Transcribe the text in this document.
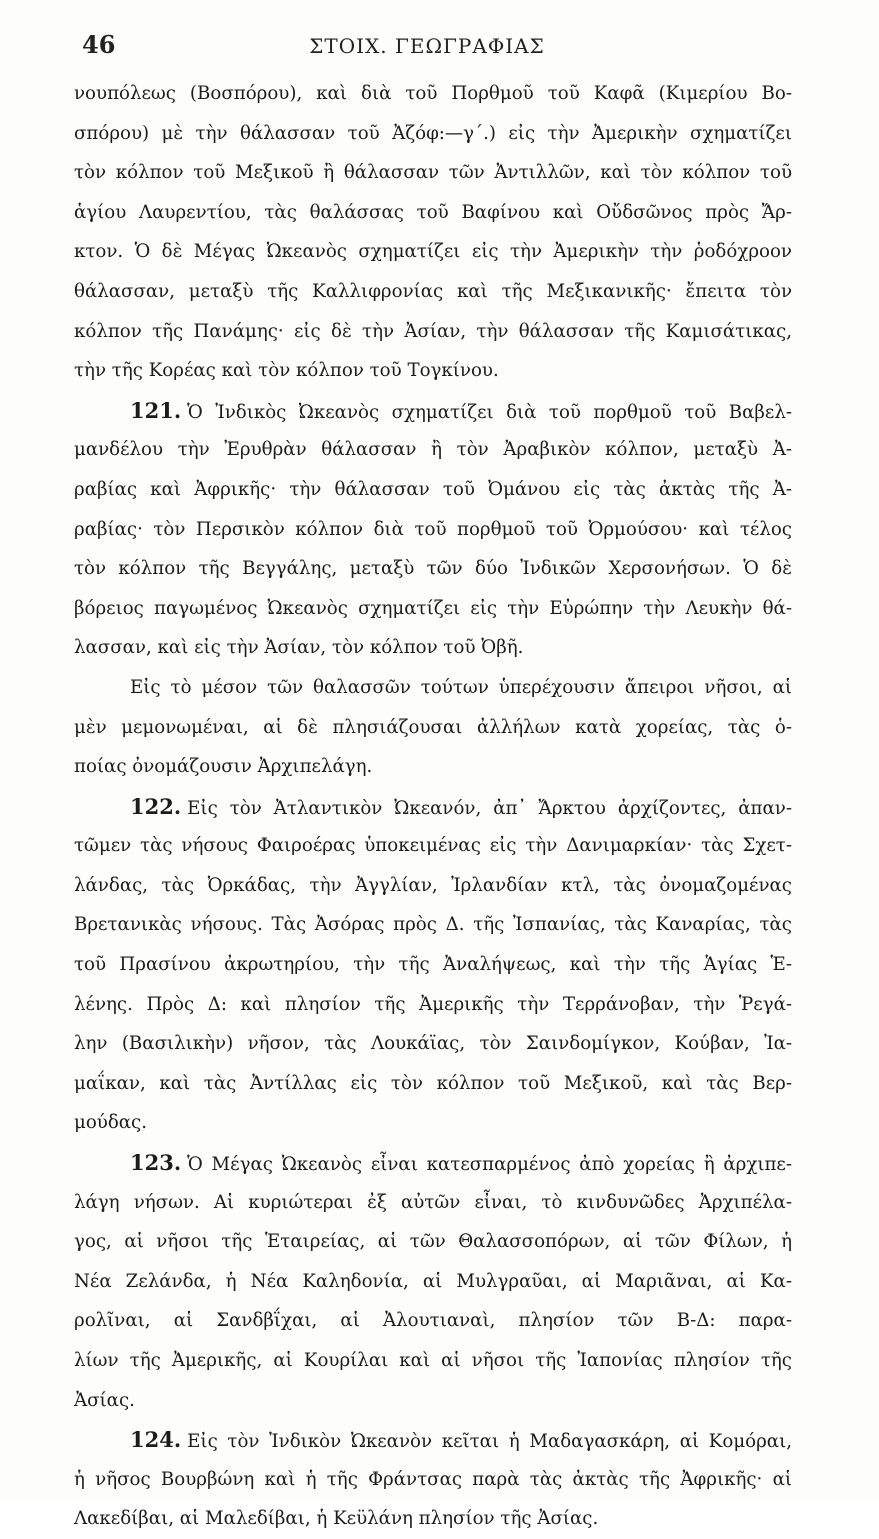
46	ΣΤΟΙΧ. ΓΕΩΓΡΑΦΙΑΣ
νουπόλεως (Βοσπόρου), καὶ διὰ τοῦ Πορθμοῦ τοῦ Καφᾶ (Κιμερίου Βο-
σπόρου) μὲ τὴν θάλασσαν τοῦ Ἀζόφ:—γ΄.) εἰς τὴν Ἀμερικὴν σχηματίζει
τὸν κόλπον τοῦ Μεξικοῦ ἢ θάλασσαν τῶν Ἀντιλλῶν, καὶ τὸν κόλπον τοῦ
ἁγίου Λαυρεντίου, τὰς θαλάσσας τοῦ Βαφίνου καὶ Οὔδσῶνος πρὸς Ἄρ-
κτον. Ὁ δὲ Μέγας Ὠκεανὸς σχηματίζει εἰς τὴν Ἀμερικὴν τὴν ῥοδόχροον
θάλασσαν, μεταξὺ τῆς Καλλιφρονίας καὶ τῆς Μεξικανικῆς· ἔπειτα τὸν
κόλπον τῆς Πανάμης· εἰς δὲ τὴν Ἀσίαν, τὴν θάλασσαν τῆς Καμισάτικας,
τὴν τῆς Κορέας καὶ τὸν κόλπον τοῦ Τογκίνου.
121. Ὁ Ἰνδικὸς Ὠκεανὸς σχηματίζει διὰ τοῦ πορθμοῦ τοῦ Βαβελ-
μανδέλου τὴν Ἐρυθρὰν θάλασσαν ἢ τὸν Ἀραβικὸν κόλπον, μεταξὺ Ἀ-
ραβίας καὶ Ἀφρικῆς· τὴν θάλασσαν τοῦ Ὀμάνου εἰς τὰς ἀκτὰς τῆς Ἀ-
ραβίας· τὸν Περσικὸν κόλπον διὰ τοῦ πορθμοῦ τοῦ Ὀρμούσου· καὶ τέλος
τὸν κόλπον τῆς Βεγγάλης, μεταξὺ τῶν δύο Ἰνδικῶν Χερσονήσων. Ὁ δὲ
βόρειος παγωμένος Ὠκεανὸς σχηματίζει εἰς τὴν Εὐρώπην τὴν Λευκὴν θά-
λασσαν, καὶ εἰς τὴν Ἀσίαν, τὸν κόλπον τοῦ Ὀβῆ.
Εἰς τὸ μέσον τῶν θαλασσῶν τούτων ὑπερέχουσιν ἄπειροι νῆσοι, αἱ
μὲν μεμονωμέναι, αἱ δὲ πλησιάζουσαι ἀλλήλων κατὰ χορείας, τὰς ὁ-
ποίας ὀνομάζουσιν Ἀρχιπελάγη.
122. Εἰς τὸν Ἀτλαντικὸν Ὠκεανόν, ἀπ᾽ Ἄρκτου ἀρχίζοντες, ἀπαν-
τῶμεν τὰς νήσους Φαιροέρας ὑποκειμένας εἰς τὴν Δανιμαρκίαν· τὰς Σχετ-
λάνδας, τὰς Ὀρκάδας, τὴν Ἀγγλίαν, Ἰρλανδίαν κτλ, τὰς ὀνομαζομένας
Βρετανικὰς νήσους. Τὰς Ἀσόρας πρὸς Δ. τῆς Ἰσπανίας, τὰς Καναρίας, τὰς
τοῦ Πρασίνου ἀκρωτηρίου, τὴν τῆς Ἀναλήψεως, καὶ τὴν τῆς Ἁγίας Ἑ-
λένης. Πρὸς Δ: καὶ πλησίον τῆς Ἀμερικῆς τὴν Τερράνοβαν, τὴν Ῥεγά-
λην (Βασιλικὴν) νῆσον, τὰς Λουκάϊας, τὸν Σαινδομίγκον, Κούβαν, Ἰα-
μαΐκαν, καὶ τὰς Ἀντίλλας εἰς τὸν κόλπον τοῦ Μεξικοῦ, καὶ τὰς Βερ-
μούδας.
123. Ὁ Μέγας Ὠκεανὸς εἶναι κατεσπαρμένος ἀπὸ χορείας ἢ ἀρχιπε-
λάγη νήσων. Αἱ κυριώτεραι ἐξ αὐτῶν εἶναι, τὸ κινδυνῶδες Ἀρχιπέλα-
γος, αἱ νῆσοι τῆς Ἑταιρείας, αἱ τῶν Θαλασσοπόρων, αἱ τῶν Φίλων, ἡ
Νέα Ζελάνδα, ἡ Νέα Καληδονία, αἱ Μυλγραῦαι, αἱ Μαριᾶναι, αἱ Κα-
ρολῖναι, αἱ Σανδβΐχαι, αἱ Ἀλουτιαναὶ, πλησίον τῶν Β-Δ: παρα-
λίων τῆς Ἀμερικῆς, αἱ Κουρίλαι καὶ αἱ νῆσοι τῆς Ἰαπονίας πλησίον τῆς
Ἀσίας.
124. Εἰς τὸν Ἰνδικὸν Ὠκεανὸν κεῖται ἡ Μαδαγασκάρη, αἱ Κομόραι,
ἡ νῆσος Βουρβώνη καὶ ἡ τῆς Φράντσας παρὰ τὰς ἀκτὰς τῆς Ἀφρικῆς· αἱ
Λακεδίβαι, αἱ Μαλεδίβαι, ἡ Κεϋλάνη πλησίον τῆς Ἀσίας.
